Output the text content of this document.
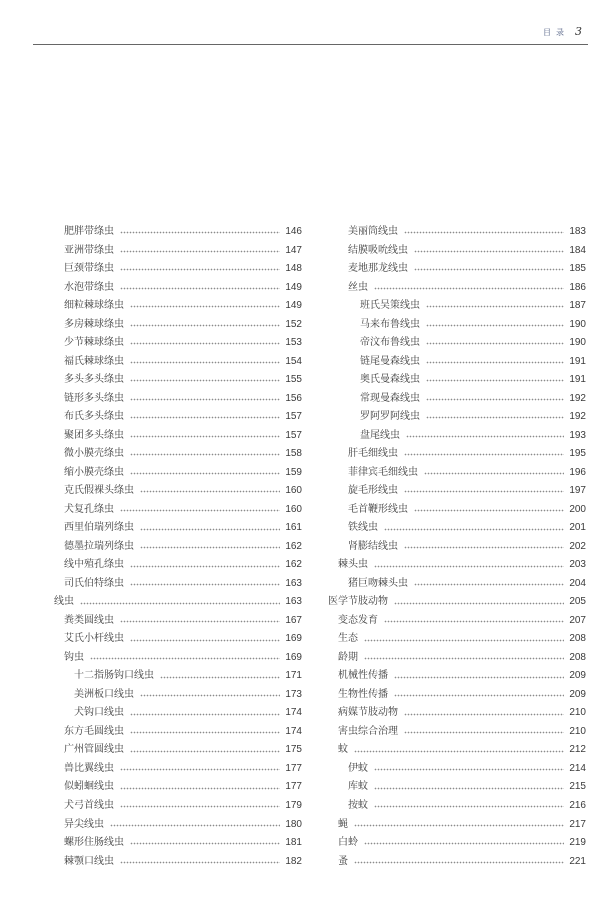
目录 3
肥胖带绦虫	146
亚洲带绦虫	147
巨颈带绦虫	148
水泡带绦虫	149
细粒棘球绦虫	149
多房棘球绦虫	152
少节棘球绦虫	153
福氏棘球绦虫	154
多头多头绦虫	155
链形多头绦虫	156
布氏多头绦虫	157
聚团多头绦虫	157
微小膜壳绦虫	158
缩小膜壳绦虫	159
克氏假裸头绦虫	160
犬复孔绦虫	160
西里伯瑞列绦虫	161
德墨拉瑞列绦虫	162
线中殖孔绦虫	162
司氏伯特绦虫	163
线虫	163
粪类圆线虫	167
艾氏小杆线虫	169
钩虫	169
十二指肠钩口线虫	171
美洲板口线虫	173
犬钩口线虫	174
东方毛圆线虫	174
广州管圆线虫	175
兽比翼线虫	177
似蚓蛔线虫	177
犬弓首线虫	179
异尖线虫	180
螺形住肠线虫	181
棘颚口线虫	182
美丽筒线虫	183
结膜吸吮线虫	184
麦地那龙线虫	185
丝虫	186
班氏吴策线虫	187
马来布鲁线虫	190
帝汶布鲁线虫	190
链尾曼森线虫	191
奥氏曼森线虫	191
常现曼森线虫	192
罗阿罗阿线虫	192
盘尾线虫	193
肝毛细线虫	195
菲律宾毛细线虫	196
旋毛形线虫	197
毛首鞭形线虫	200
铁线虫	201
肾膨结线虫	202
棘头虫	203
猪巨吻棘头虫	204
医学节肢动物	205
变态发育	207
生态	208
龄期	208
机械性传播	209
生物性传播	209
病媒节肢动物	210
害虫综合治理	210
蚊	212
伊蚊	214
库蚊	215
按蚊	216
蝇	217
白蛉	219
蚤	221
